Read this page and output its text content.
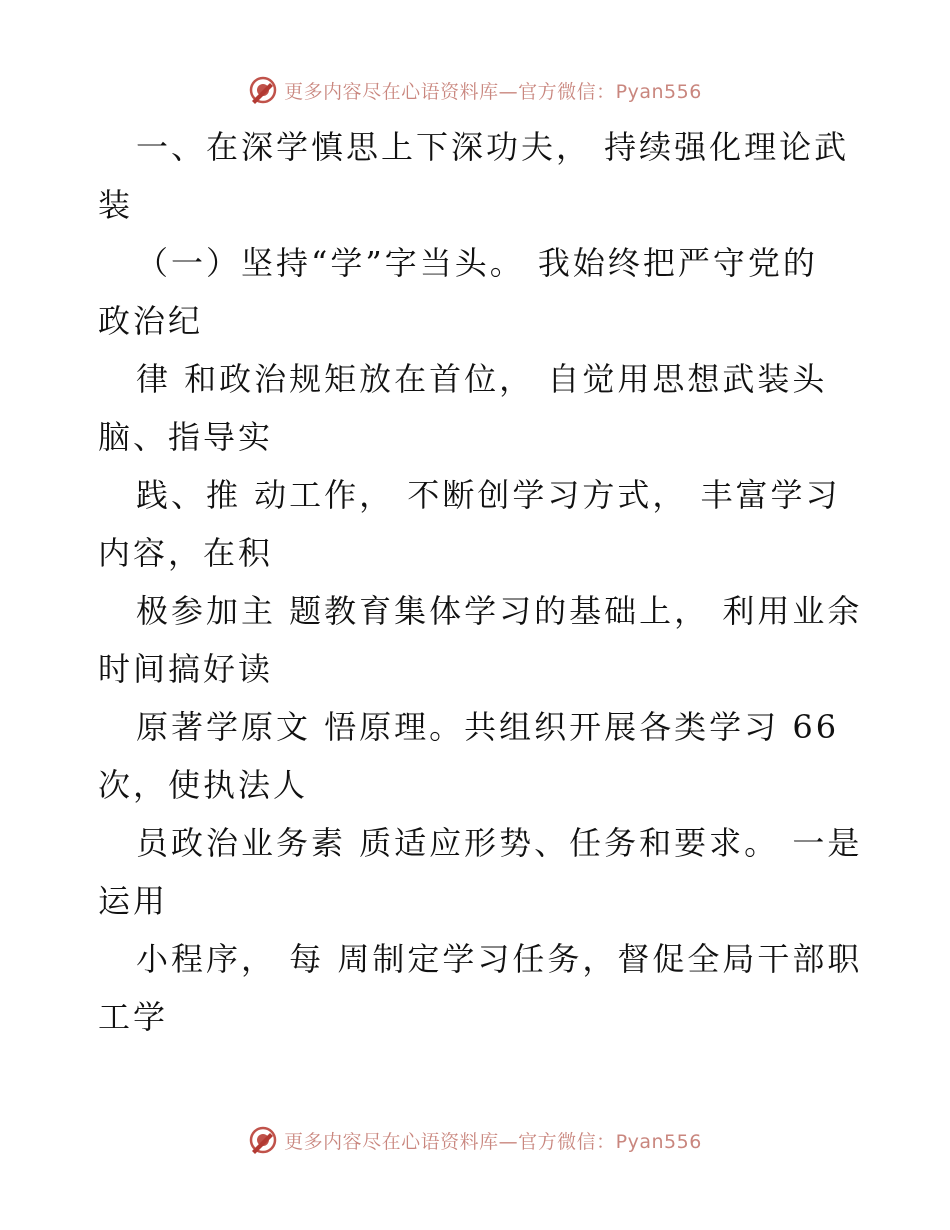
更多内容尽在心语资料库—官方微信：Pyan556
一、在深学慎思上下深功夫， 持续强化理论武
装
（一）坚持“学”字当头。 我始终把严守党的
政治纪
律 和政治规矩放在首位， 自觉用思想武装头
脑、指导实
践、推 动工作， 不断创学习方式， 丰富学习
内容，在积
极参加主 题教育集体学习的基础上， 利用业余
时间搞好读
原著学原文 悟原理。共组织开展各类学习 66
次，使执法人
员政治业务素 质适应形势、任务和要求。 一是
运用
小程序， 每 周制定学习任务，督促全局干部职
工学
更多内容尽在心语资料库—官方微信：Pyan556
